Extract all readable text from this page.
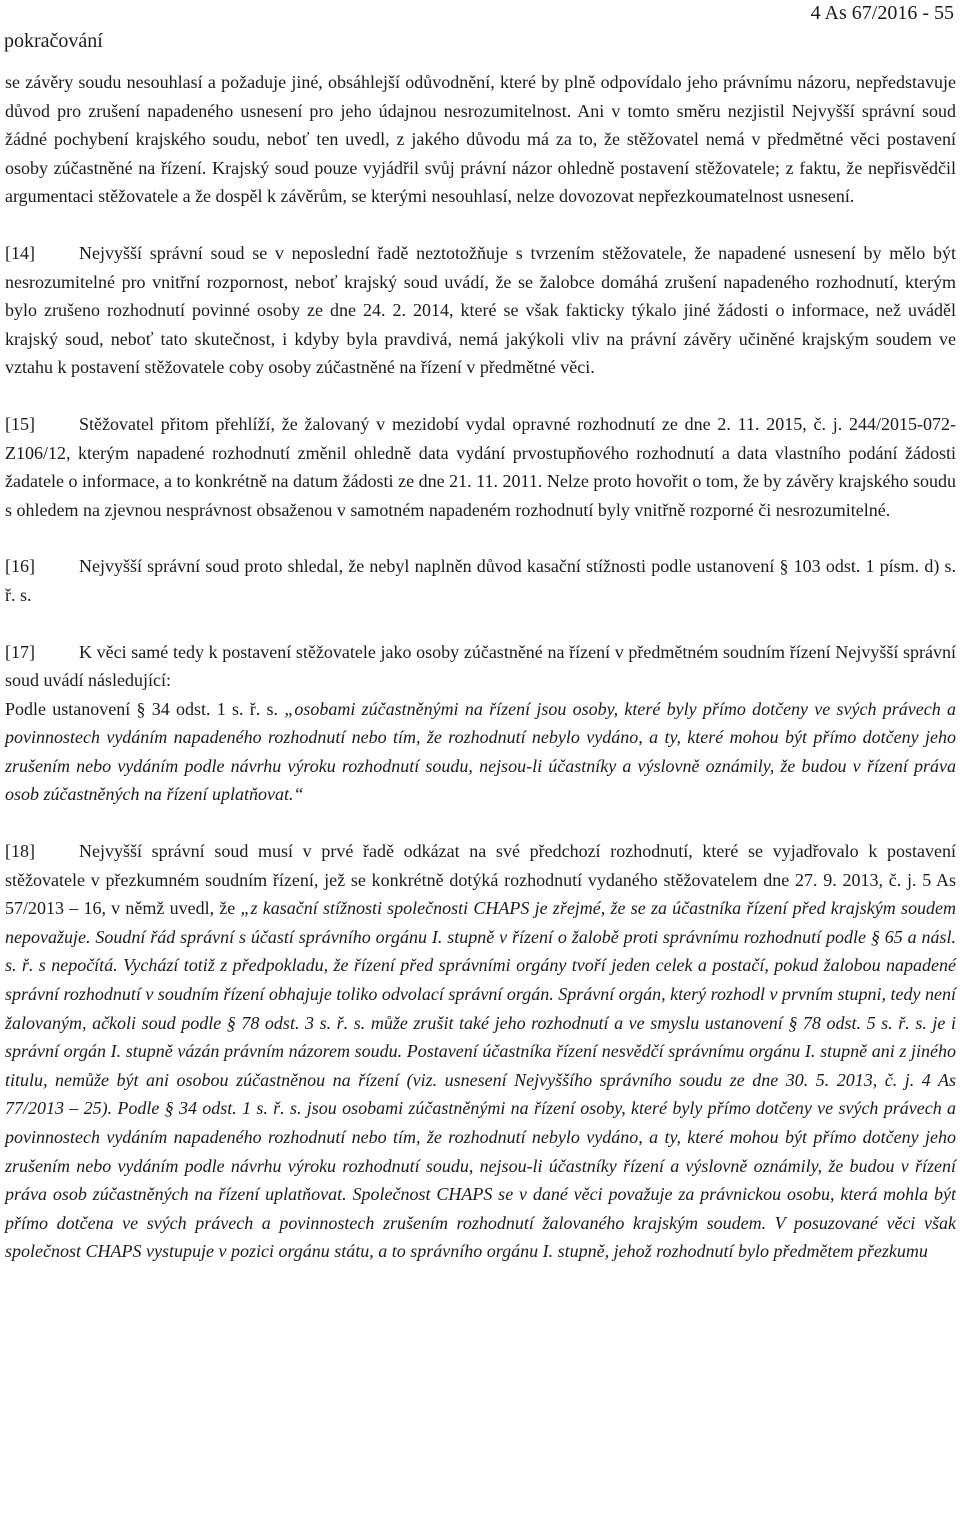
pokračování
4 As 67/2016 - 55

se závěry soudu nesouhlasí a požaduje jiné, obsáhlejší odůvodnění, které by plně odpovídalo jeho právnímu názoru, nepředstavuje důvod pro zrušení napadeného usnesení pro jeho údajnou nesrozumitelnost. Ani v tomto směru nezjistil Nejvyšší správní soud žádné pochybení krajského soudu, neboť ten uvedl, z jakého důvodu má za to, že stěžovatel nemá v předmětné věci postavení osoby zúčastněné na řízení. Krajský soud pouze vyjádřil svůj právní názor ohledně postavení stěžovatele; z faktu, že nepřisvědčil argumentaci stěžovatele a že dospěl k závěrům, se kterými nesouhlasí, nelze dovozovat nepřezkoumatelnost usnesení.

[14] Nejvyšší správní soud se v neposlední řadě neztotožňuje s tvrzením stěžovatele, že napadené usnesení by mělo být nesrozumitelné pro vnitřní rozpornost, neboť krajský soud uvádí, že se žalobce domáhá zrušení napadeného rozhodnutí, kterým bylo zrušeno rozhodnutí povinné osoby ze dne 24. 2. 2014, které se však fakticky týkalo jiné žádosti o informace, než uváděl krajský soud, neboť tato skutečnost, i kdyby byla pravdivá, nemá jakýkoli vliv na právní závěry učiněné krajským soudem ve vztahu k postavení stěžovatele coby osoby zúčastněné na řízení v předmětné věci.

[15] Stěžovatel přitom přehlíží, že žalovaný v mezidobí vydal opravné rozhodnutí ze dne 2. 11. 2015, č. j. 244/2015-072-Z106/12, kterým napadené rozhodnutí změnil ohledně data vydání prvostupňového rozhodnutí a data vlastního podání žádosti žadatele o informace, a to konkrétně na datum žádosti ze dne 21. 11. 2011. Nelze proto hovořit o tom, že by závěry krajského soudu s ohledem na zjevnou nesprávnost obsaženou v samotném napadeném rozhodnutí byly vnitřně rozporné či nesrozumitelné.

[16] Nejvyšší správní soud proto shledal, že nebyl naplněn důvod kasační stížnosti podle ustanovení § 103 odst. 1 písm. d) s. ř. s.

[17] K věci samé tedy k postavení stěžovatele jako osoby zúčastněné na řízení v předmětném soudním řízení Nejvyšší správní soud uvádí následující:
Podle ustanovení § 34 odst. 1 s. ř. s. „osobami zúčastněnými na řízení jsou osoby, které byly přímo dotčeny ve svých právech a povinnostech vydáním napadeného rozhodnutí nebo tím, že rozhodnutí nebylo vydáno, a ty, které mohou být přímo dotčeny jeho zrušením nebo vydáním podle návrhu výroku rozhodnutí soudu, nejsou-li účastníky a výslovně oznámily, že budou v řízení práva osob zúčastněných na řízení uplatňovat.“

[18] Nejvyšší správní soud musí v prvé řadě odkázat na své předchozí rozhodnutí, které se vyjadřovalo k postavení stěžovatele v přezkumném soudním řízení, jež se konkrétně dotýká rozhodnutí vydaného stěžovatelem dne 27. 9. 2013, č. j. 5 As 57/2013 – 16, v němž uvedl, že „z kasační stížnosti společnosti CHAPS je zřejmé, že se za účastníka řízení před krajským soudem nepovažuje. Soudní řád správní s účastí správního orgánu I. stupně v řízení o žalobě proti správnímu rozhodnutí podle § 65 a násl. s. ř. s nepočítá. Vychází totiž z předpokladu, že řízení před správními orgány tvoří jeden celek a postačí, pokud žalobou napadené správní rozhodnutí v soudním řízení obhajuje toliko odvolací správní orgán. Správní orgán, který rozhodl v prvním stupni, tedy není žalovaným, ačkoli soud podle § 78 odst. 3 s. ř. s. může zrušit také jeho rozhodnutí a ve smyslu ustanovení § 78 odst. 5 s. ř. s. je i správní orgán I. stupně vázán právním názorem soudu. Postavení účastníka řízení nesvědčí správnímu orgánu I. stupně ani z jiného titulu, nemůže být ani osobou zúčastněnou na řízení (viz. usnesení Nejvyššího správního soudu ze dne 30. 5. 2013, č. j. 4 As 77/2013 – 25). Podle § 34 odst. 1 s. ř. s. jsou osobami zúčastněnými na řízení osoby, které byly přímo dotčeny ve svých právech a povinnostech vydáním napadeného rozhodnutí nebo tím, že rozhodnutí nebylo vydáno, a ty, které mohou být přímo dotčeny jeho zrušením nebo vydáním podle návrhu výroku rozhodnutí soudu, nejsou-li účastníky řízení a výslovně oznámily, že budou v řízení práva osob zúčastněných na řízení uplatňovat. Společnost CHAPS se v dané věci považuje za právnickou osobu, která mohla být přímo dotčena ve svých právech a povinnostech zrušením rozhodnutí žalovaného krajským soudem. V posuzované věci však společnost CHAPS vystupuje v pozici orgánu státu, a to správního orgánu I. stupně, jehož rozhodnutí bylo předmětem přezkumu
